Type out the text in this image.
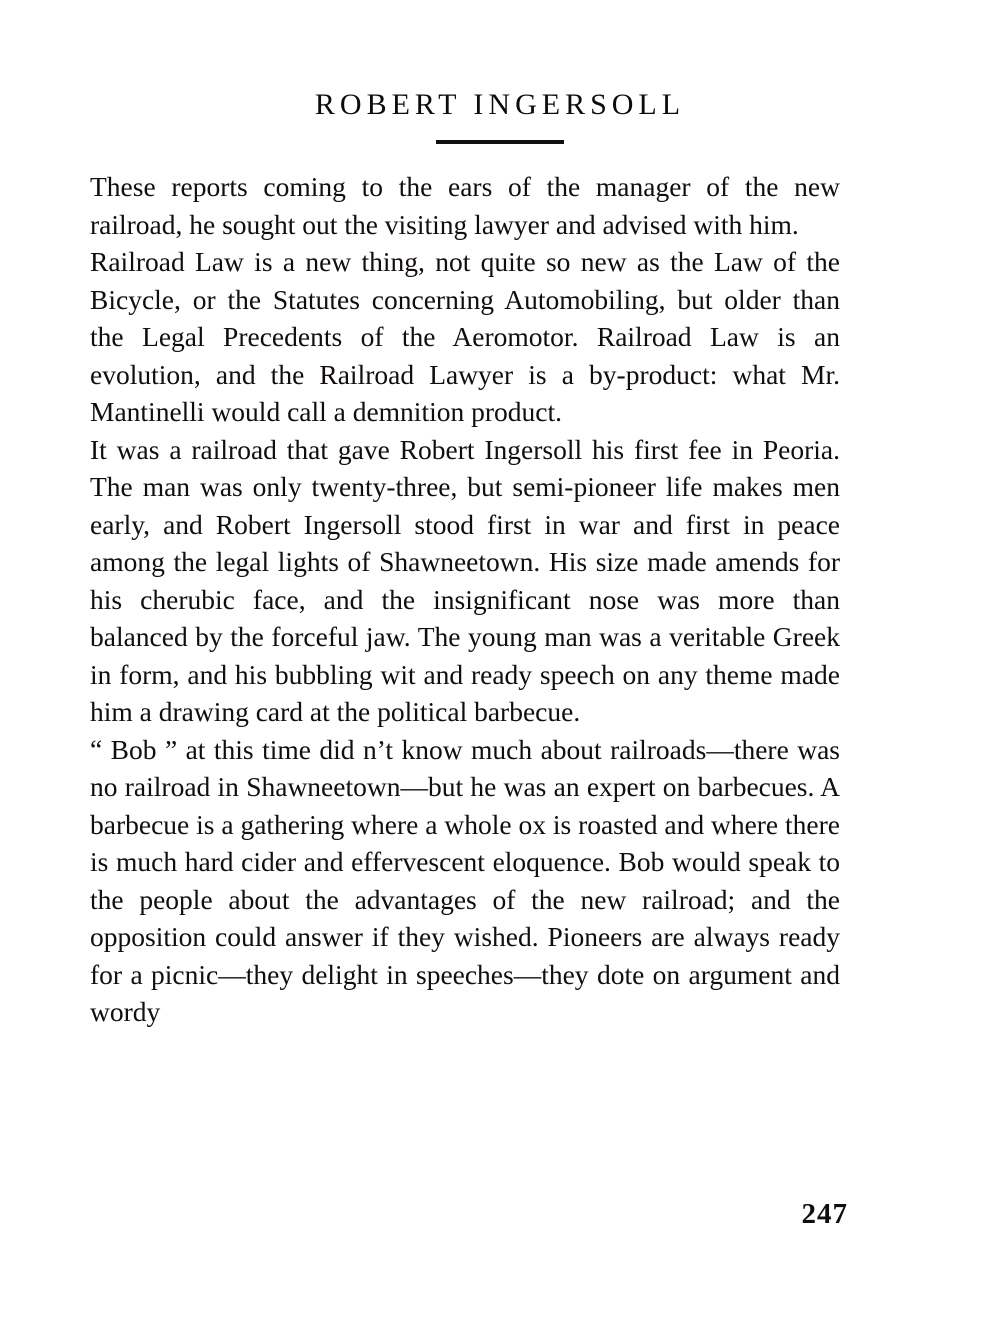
ROBERT INGERSOLL

These reports coming to the ears of the manager of the new railroad, he sought out the visiting lawyer and advised with him.

Railroad Law is a new thing, not quite so new as the Law of the Bicycle, or the Statutes concerning Automobiling, but older than the Legal Precedents of the Aeromotor. Railroad Law is an evolution, and the Railroad Lawyer is a by-product: what Mr. Mantinelli would call a demnition product.

It was a railroad that gave Robert Ingersoll his first fee in Peoria. The man was only twenty-three, but semi-pioneer life makes men early, and Robert Ingersoll stood first in war and first in peace among the legal lights of Shawneetown. His size made amends for his cherubic face, and the insignificant nose was more than balanced by the forceful jaw. The young man was a veritable Greek in form, and his bubbling wit and ready speech on any theme made him a drawing card at the political barbecue.

“ Bob ” at this time did n’t know much about railroads—there was no railroad in Shawneetown—but he was an expert on barbecues. A barbecue is a gathering where a whole ox is roasted and where there is much hard cider and effervescent eloquence. Bob would speak to the people about the advantages of the new railroad; and the opposition could answer if they wished. Pioneers are always ready for a picnic—they delight in speeches—they dote on argument and wordy

247
